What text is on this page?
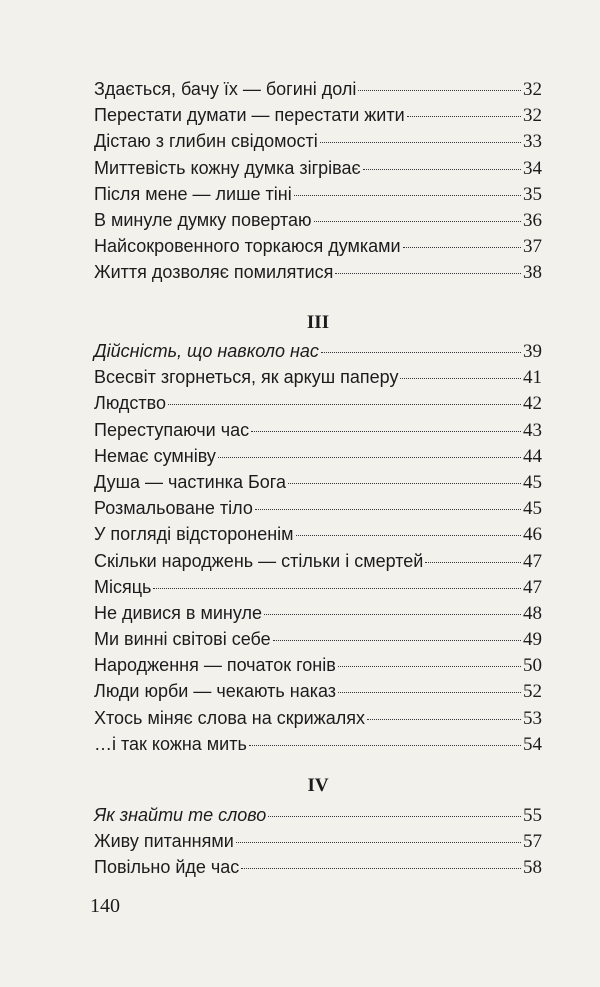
Здається, бачу їх — богині долі	32
Перестати думати — перестати жити	32
Дістаю з глибин свідомості	33
Миттевість кожну думка зігріває	34
Після мене — лише тіні	35
В минуле думку повертаю	36
Найсокровенного торкаюся думками	37
Життя дозволяє помилятися	38
III
Дійсність, що навколо нас	39
Всесвіт згорнеться, як аркуш паперу	41
Людство	42
Переступаючи час	43
Немає сумніву	44
Душа — частинка Бога	45
Розмальоване тіло	45
У погляді відстороненім	46
Скільки народжень — стільки і смертей	47
Місяць	47
Не дивися в минуле	48
Ми винні світові себе	49
Народження — початок гонів	50
Люди юрби — чекають наказ	52
Хтось міняє слова на скрижалях	53
…і так кожна мить	54
IV
Як знайти те слово	55
Живу питаннями	57
Повільно йде час	58
140
